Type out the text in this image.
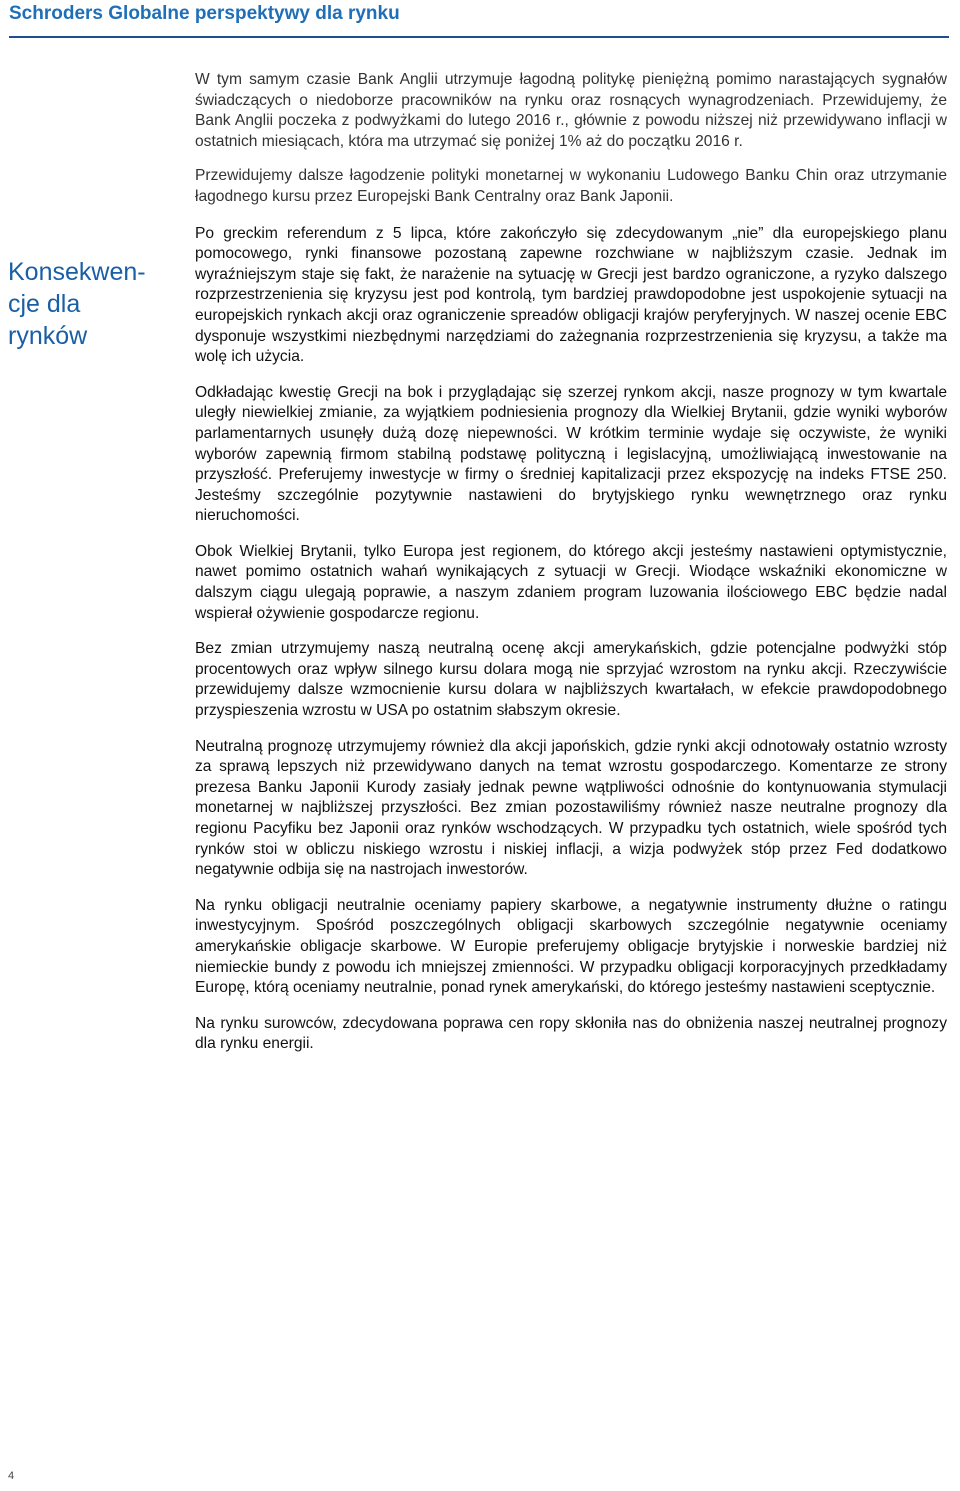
Schroders Globalne perspektywy dla rynku
Konsekwen-
cje dla
rynków

W tym samym czasie Bank Anglii utrzymuje łagodną politykę pieniężną pomimo narastających sygnałów świadczących o niedoborze pracowników na rynku oraz rosnących wynagrodzeniach. Przewidujemy, że Bank Anglii poczeka z podwyżkami do lutego 2016 r., głównie z powodu niższej niż przewidywano inflacji w ostatnich miesiącach, która ma utrzymać się poniżej 1% aż do początku 2016 r.

Przewidujemy dalsze łagodzenie polityki monetarnej w wykonaniu Ludowego Banku Chin oraz utrzymanie łagodnego kursu przez Europejski Bank Centralny oraz Bank Japonii.

Po greckim referendum z 5 lipca, które zakończyło się zdecydowanym „nie” dla europejskiego planu pomocowego, rynki finansowe pozostaną zapewne rozchwiane w najbliższym czasie. Jednak im wyraźniejszym staje się fakt, że narażenie na sytuację w Grecji jest bardzo ograniczone, a ryzyko dalszego rozprzestrzenienia się kryzysu jest pod kontrolą, tym bardziej prawdopodobne jest uspokojenie sytuacji na europejskich rynkach akcji oraz ograniczenie spreadów obligacji krajów peryferyjnych. W naszej ocenie EBC dysponuje wszystkimi niezbędnymi narzędziami do zażegnania rozprzestrzenienia się kryzysu, a także ma wolę ich użycia.

Odkładając kwestię Grecji na bok i przyglądając się szerzej rynkom akcji, nasze prognozy w tym kwartale uległy niewielkiej zmianie, za wyjątkiem podniesienia prognozy dla Wielkiej Brytanii, gdzie wyniki wyborów parlamentarnych usunęły dużą dozę niepewności. W krótkim terminie wydaje się oczywiste, że wyniki wyborów zapewnią firmom stabilną podstawę polityczną i legislacyjną, umożliwiającą inwestowanie na przyszłość. Preferujemy inwestycje w firmy o średniej kapitalizacji przez ekspozycję na indeks FTSE 250. Jesteśmy szczególnie pozytywnie nastawieni do brytyjskiego rynku wewnętrznego oraz rynku nieruchomości.

Obok Wielkiej Brytanii, tylko Europa jest regionem, do którego akcji jesteśmy nastawieni optymistycznie, nawet pomimo ostatnich wahań wynikających z sytuacji w Grecji. Wiodące wskaźniki ekonomiczne w dalszym ciągu ulegają poprawie, a naszym zdaniem program luzowania ilościowego EBC będzie nadal wspierał ożywienie gospodarcze regionu.

Bez zmian utrzymujemy naszą neutralną ocenę akcji amerykańskich, gdzie potencjalne podwyżki stóp procentowych oraz wpływ silnego kursu dolara mogą nie sprzyjać wzrostom na rynku akcji. Rzeczywiście przewidujemy dalsze wzmocnienie kursu dolara w najbliższych kwartałach, w efekcie prawdopodobnego przyspieszenia wzrostu w USA po ostatnim słabszym okresie.

Neutralną prognozę utrzymujemy również dla akcji japońskich, gdzie rynki akcji odnotowały ostatnio wzrosty za sprawą lepszych niż przewidywano danych na temat wzrostu gospodarczego. Komentarze ze strony prezesa Banku Japonii Kurody zasiały jednak pewne wątpliwości odnośnie do kontynuowania stymulacji monetarnej w najbliższej przyszłości. Bez zmian pozostawiliśmy również nasze neutralne prognozy dla regionu Pacyfiku bez Japonii oraz rynków wschodzących. W przypadku tych ostatnich, wiele spośród tych rynków stoi w obliczu niskiego wzrostu i niskiej inflacji, a wizja podwyżek stóp przez Fed dodatkowo negatywnie odbija się na nastrojach inwestorów.

Na rynku obligacji neutralnie oceniamy papiery skarbowe, a negatywnie instrumenty dłużne o ratingu inwestycyjnym. Spośród poszczególnych obligacji skarbowych szczególnie negatywnie oceniamy amerykańskie obligacje skarbowe. W Europie preferujemy obligacje brytyjskie i norweskie bardziej niż niemieckie bundy z powodu ich mniejszej zmienności. W przypadku obligacji korporacyjnych przedkładamy Europę, którą oceniamy neutralnie, ponad rynek amerykański, do którego jesteśmy nastawieni sceptycznie.

Na rynku surowców, zdecydowana poprawa cen ropy skłoniła nas do obniżenia naszej neutralnej prognozy dla rynku energii.

4
